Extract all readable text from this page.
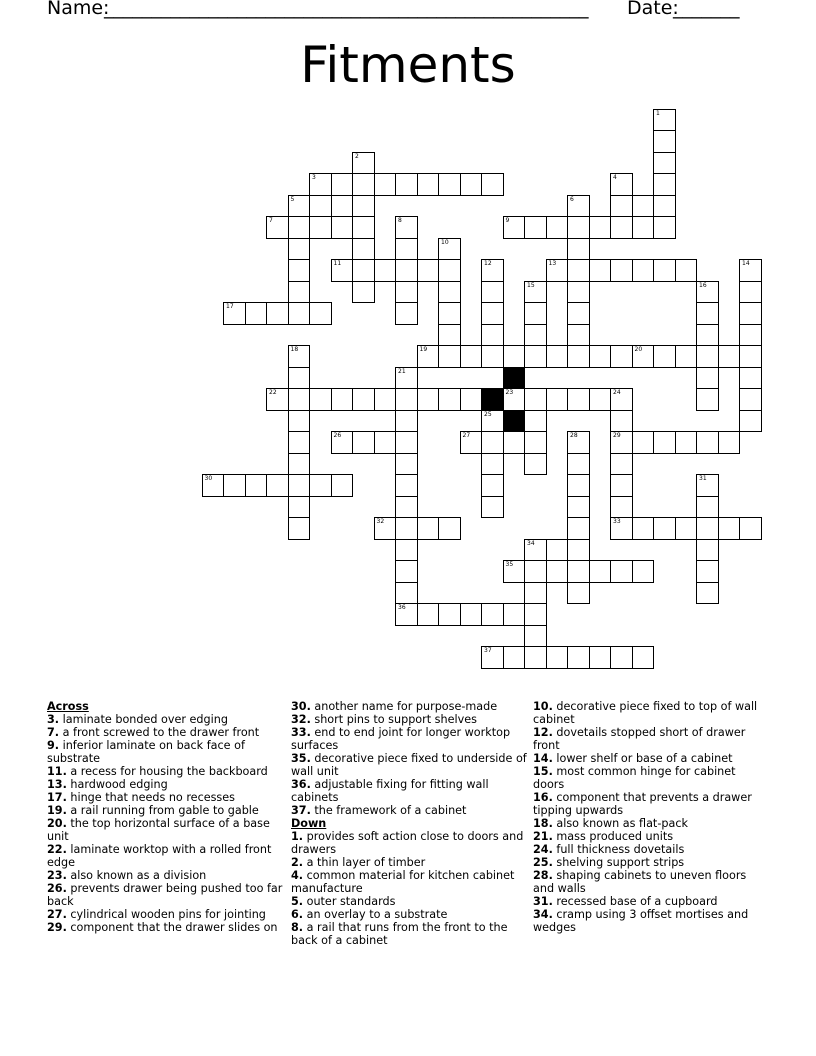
Name:
___________________________________________________ Date:
_______
Fitments
1
2
3	4
5	6
7	8	9
10
11	12	13	14
15	16
17
18	19	20
21
22	23	24
25
26	27	28	29
30	31
32	33
34
35
36
37
Across
3. laminate bonded over edging
7. a front screwed to the drawer front
9. inferior laminate on back face of substrate
11. a recess for housing the backboard
13. hardwood edging
17. hinge that needs no recesses
19. a rail running from gable to gable
20. the top horizontal surface of a base unit
22. laminate worktop with a rolled front edge
23. also known as a division
26. prevents drawer being pushed too far back
27. cylindrical wooden pins for jointing
29. component that the drawer slides on
30. another name for purpose-made
32. short pins to support shelves
33. end to end joint for longer worktop surfaces
35. decorative piece fixed to underside of wall unit
36. adjustable fixing for fitting wall cabinets
37. the framework of a cabinet
Down
1. provides soft action close to doors and drawers
2. a thin layer of timber
4. common material for kitchen cabinet manufacture
5. outer standards
6. an overlay to a substrate
8. a rail that runs from the front to the back of a cabinet
10. decorative piece fixed to top of wall cabinet
12. dovetails stopped short of drawer front
14. lower shelf or base of a cabinet
15. most common hinge for cabinet doors
16. component that prevents a drawer tipping upwards
18. also known as flat-pack
21. mass produced units
24. full thickness dovetails
25. shelving support strips
28. shaping cabinets to uneven floors and walls
31. recessed base of a cupboard
34. cramp using 3 offset mortises and wedges
